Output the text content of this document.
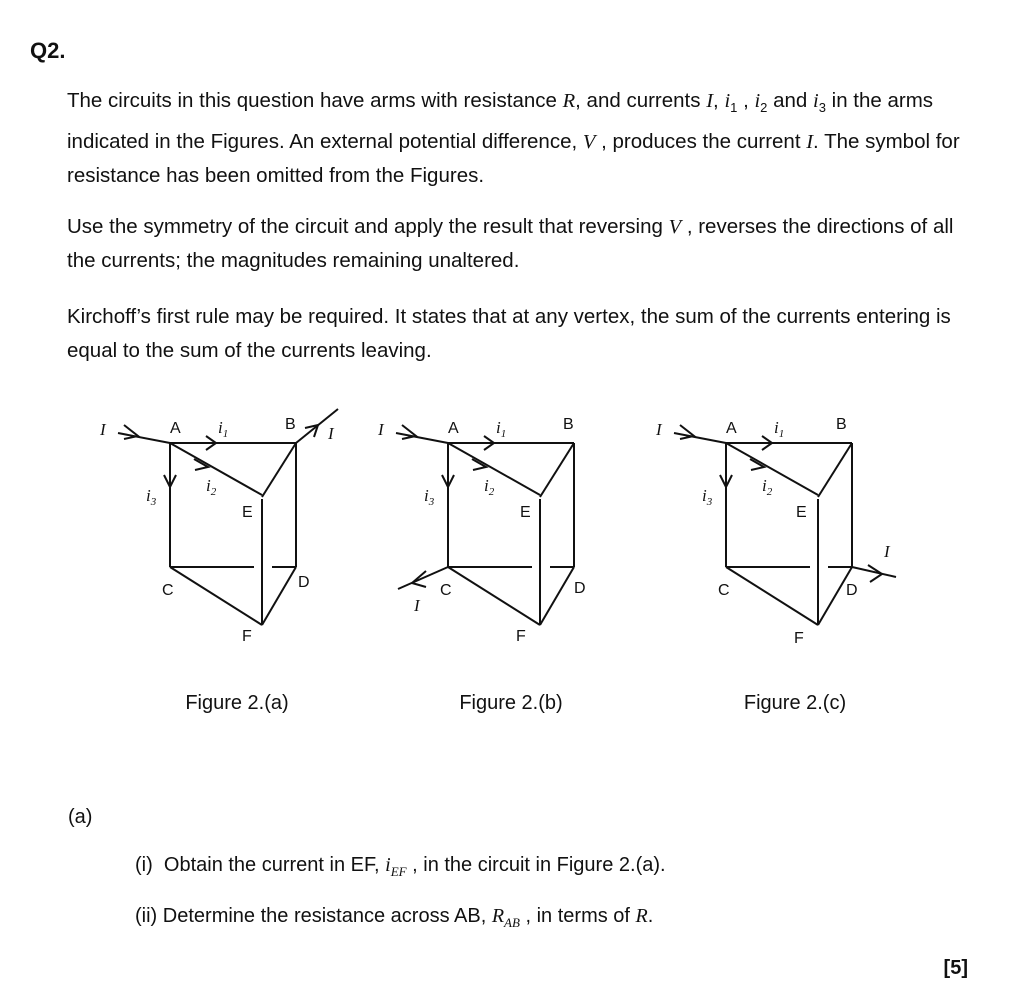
Q2.
The circuits in this question have arms with resistance R, and currents I, $i_1$ , $i_2$ and $i_3$ in the arms indicated in the Figures. An external potential difference, V , produces the current I. The symbol for resistance has been omitted from the Figures.
Use the symmetry of the circuit and apply the result that reversing V , reverses the directions of all the currents; the magnitudes remaining unaltered.
Kirchoff’s first rule may be required. It states that at any vertex, the sum of the currents entering is equal to the sum of the currents leaving.
I	A $i_1$
B I
$i_3$
$i_2$
E
C	D
F
I	A $i_1$
B
I
$i_3$
$i_2$
E
C	D
F
I	A $i_1$
B
I
$i_3$
$i_2$
E
C	D
F
Figure 2.(a)	Figure 2.(b)	Figure 2.(c)
(a)
(i) Obtain the current in EF, $i_{EF}$ , in the circuit in Figure 2.(a).
(ii) Determine the resistance across AB, $R_{AB}$ , in terms of R.
[5]
